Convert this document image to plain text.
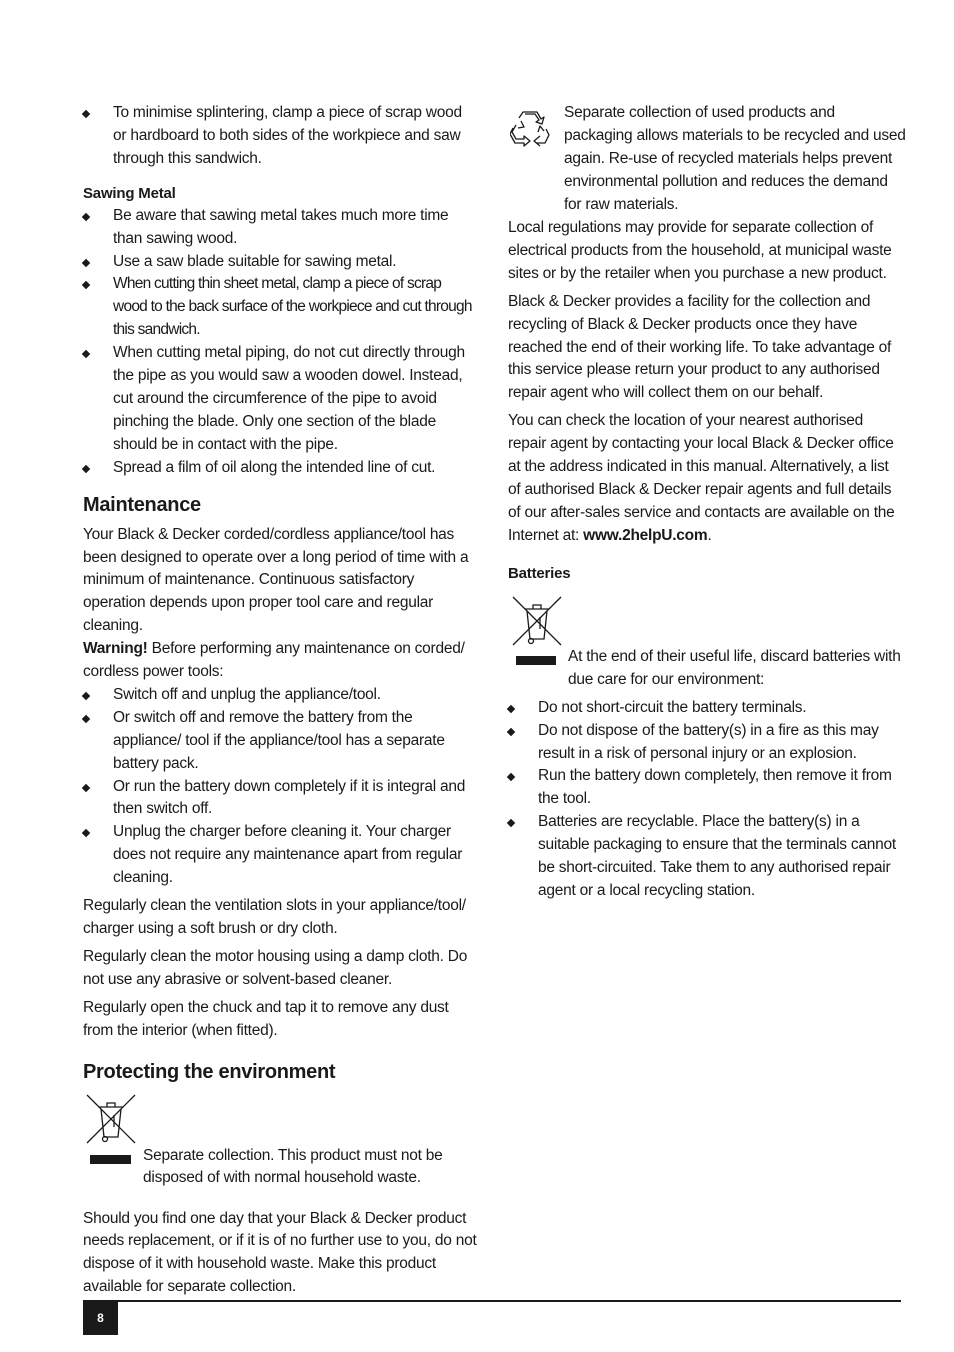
To minimise splintering, clamp a piece of scrap wood or hardboard to both sides of the workpiece and saw through this sandwich.
Sawing Metal
Be aware that sawing metal takes much more time than sawing wood.
Use a saw blade suitable for sawing metal.
When cutting thin sheet metal, clamp a piece of scrap wood to the back surface of the workpiece and cut through this sandwich.
When cutting metal piping, do not cut directly through the pipe as you would saw a wooden dowel. Instead, cut around the circumference of the pipe to avoid pinching the blade. Only one section of the blade should be in contact with the pipe.
Spread a film of oil along the intended line of cut.
Maintenance

Your Black & Decker corded/cordless appliance/tool has been designed to operate over a long period of time with a minimum of maintenance. Continuous satisfactory operation depends upon proper tool care and regular cleaning.

Warning! Before performing any maintenance on corded/ cordless power tools:

Switch off and unplug the appliance/tool.
Or switch off and remove the battery from the appliance/ tool if the appliance/tool has a separate battery pack.
Or run the battery down completely if it is integral and then switch off.
Unplug the charger before cleaning it. Your charger does not require any maintenance apart from regular cleaning.

Regularly clean the ventilation slots in your appliance/tool/ charger using a soft brush or dry cloth.

Regularly clean the motor housing using a damp cloth. Do not use any abrasive or solvent-based cleaner.

Regularly open the chuck and tap it to remove any dust from the interior (when fitted).

Protecting the environment

Separate collection. This product must not be disposed of with normal household waste.

Should you find one day that your Black & Decker product needs replacement, or if it is of no further use to you, do not dispose of it with household waste. Make this product available for separate collection.

Separate collection of used products and packaging allows materials to be recycled and used again. Re-use of recycled materials helps prevent environmental pollution and reduces the demand for raw materials.

Local regulations may provide for separate collection of electrical products from the household, at municipal waste sites or by the retailer when you purchase a new product.

Black & Decker provides a facility for the collection and recycling of Black & Decker products once they have reached the end of their working life. To take advantage of this service please return your product to any authorised repair agent who will collect them on our behalf.

You can check the location of your nearest authorised repair agent by contacting your local Black & Decker office at the address indicated in this manual. Alternatively, a list of authorised Black & Decker repair agents and full details of our after-sales service and contacts are available on the Internet at: www.2helpU.com.

Batteries

At the end of their useful life, discard batteries with due care for our environment:

Do not short-circuit the battery terminals.
Do not dispose of the battery(s) in a fire as this may result in a risk of personal injury or an explosion.
Run the battery down completely, then remove it from the tool.
Batteries are recyclable. Place the battery(s) in a suitable packaging to ensure that the terminals cannot be short-circuited. Take them to any authorised repair agent or a local recycling station.
8
